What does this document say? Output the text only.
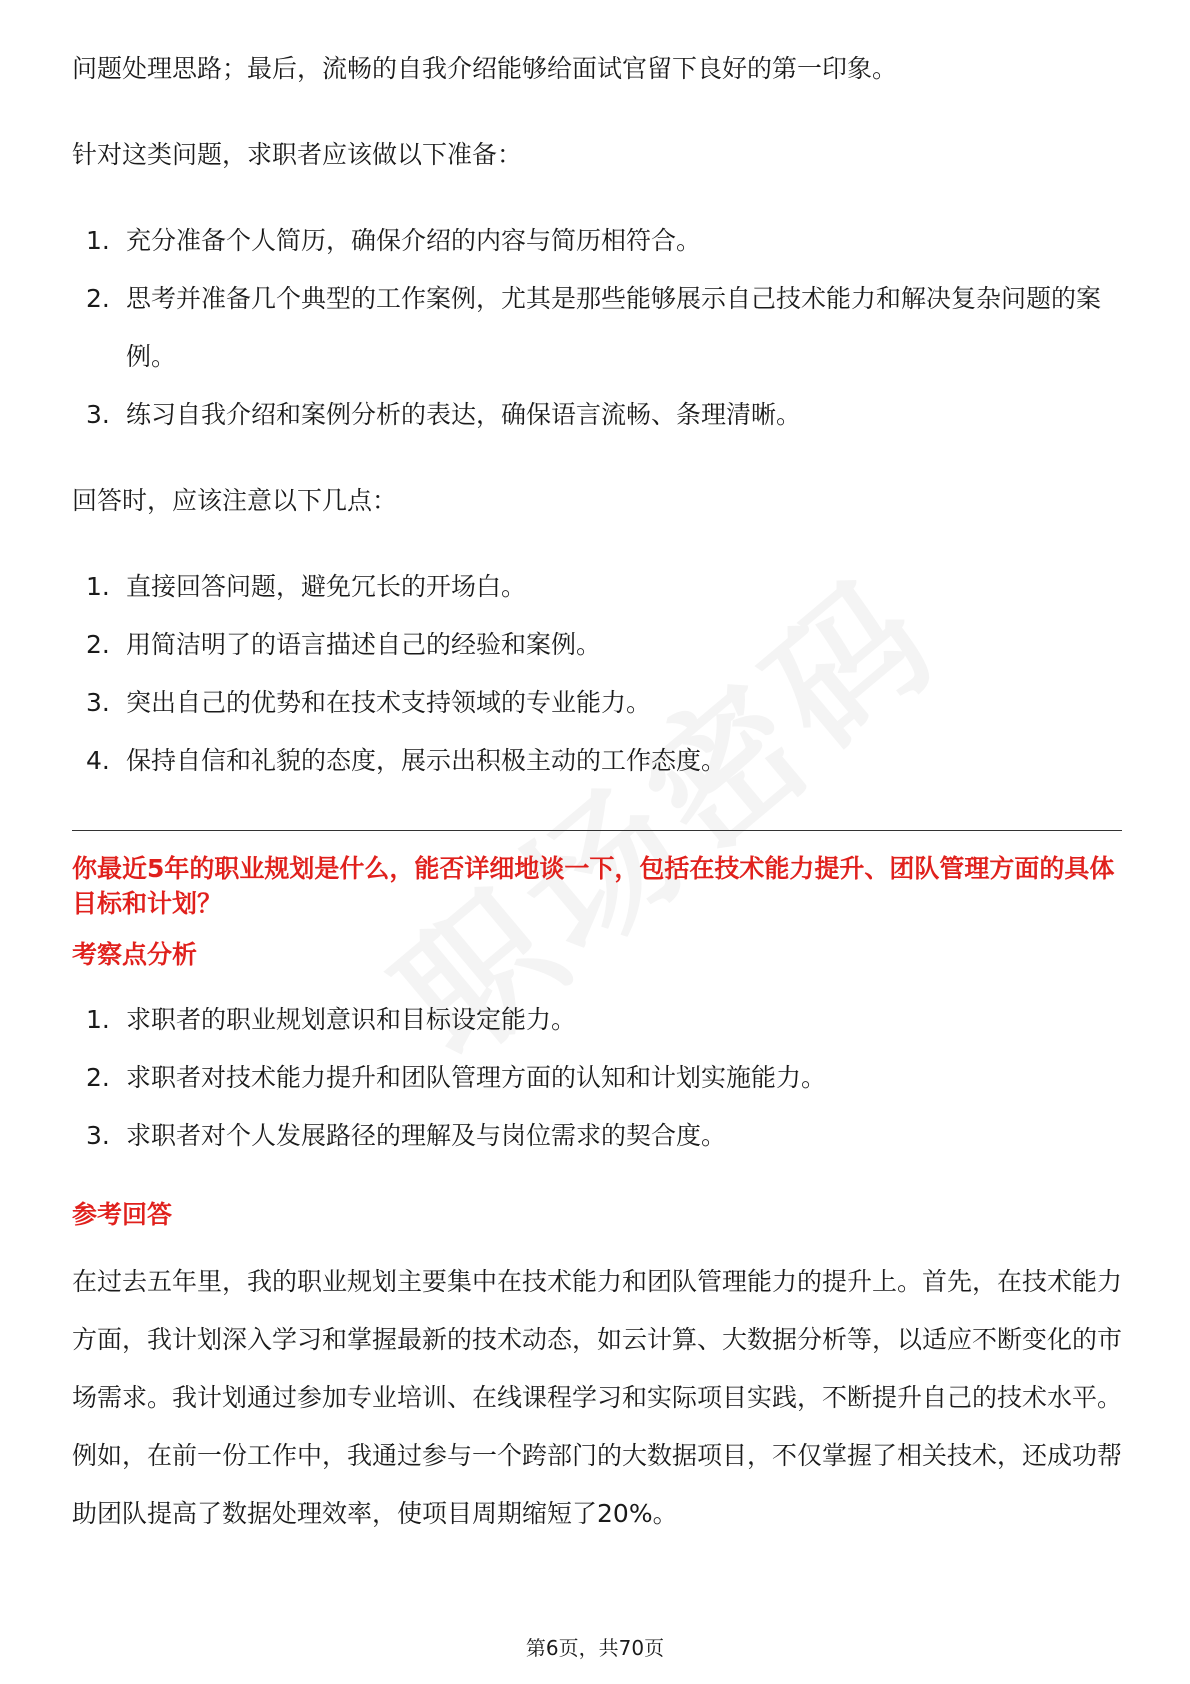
问题处理思路；最后，流畅的自我介绍能够给面试官留下良好的第一印象。

针对这类问题，求职者应该做以下准备：

1. 充分准备个人简历，确保介绍的内容与简历相符合。
2. 思考并准备几个典型的工作案例，尤其是那些能够展示自己技术能力和解决复杂问题的案例。
3. 练习自我介绍和案例分析的表达，确保语言流畅、条理清晰。

回答时，应该注意以下几点：

1. 直接回答问题，避免冗长的开场白。
2. 用简洁明了的语言描述自己的经验和案例。
3. 突出自己的优势和在技术支持领域的专业能力。
4. 保持自信和礼貌的态度，展示出积极主动的工作态度。

你最近5年的职业规划是什么，能否详细地谈一下，包括在技术能力提升、团队管理方面的具体目标和计划？

考察点分析

1. 求职者的职业规划意识和目标设定能力。
2. 求职者对技术能力提升和团队管理方面的认知和计划实施能力。
3. 求职者对个人发展路径的理解及与岗位需求的契合度。

参考回答

在过去五年里，我的职业规划主要集中在技术能力和团队管理能力的提升上。首先，在技术能力方面，我计划深入学习和掌握最新的技术动态，如云计算、大数据分析等，以适应不断变化的市场需求。我计划通过参加专业培训、在线课程学习和实际项目实践，不断提升自己的技术水平。例如，在前一份工作中，我通过参与一个跨部门的大数据项目，不仅掌握了相关技术，还成功帮助团队提高了数据处理效率，使项目周期缩短了20%。

第6页，共70页
